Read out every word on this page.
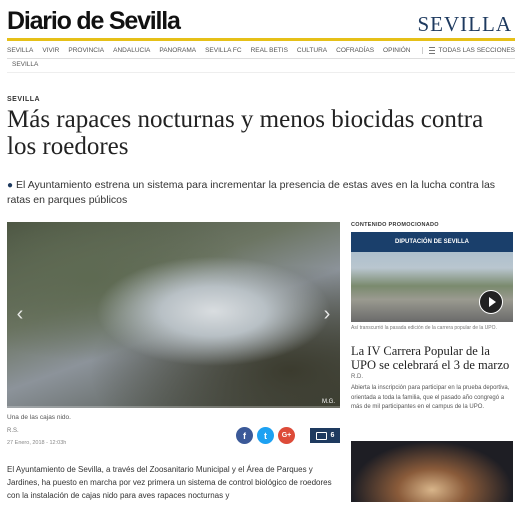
Diario de Sevilla	SEVILLA
SEVILLA VIVIR PROVINCIA ANDALUCIA PANORAMA SEVILLA FC REAL BETIS CULTURA COFRADÍAS OPINIÓN	TODAS LAS SECCIONES
SEVILLA
SEVILLA
Más rapaces nocturnas y menos biocidas contra los roedores
● El Ayuntamiento estrena un sistema para incrementar la presencia de estas aves en la lucha contra las ratas en parques públicos
‹	›
M.G.
Una de las cajas nido.
R.S.
27 Enero, 2018 - 12:03h
f t G+	6
El Ayuntamiento de Sevilla, a través del Zoosanitario Municipal y el Área de Parques y Jardines, ha puesto en marcha por vez primera un sistema de control biológico de roedores con la instalación de cajas nido para aves rapaces nocturnas y
CONTENIDO PROMOCIONADO
DIPUTACIÓN DE SEVILLA
Así transcurrió la pasada edición de la carrera popular de la UPO.
La IV Carrera Popular de la UPO se celebrará el 3 de marzo
R.D.
Abierta la inscripción para participar en la prueba deportiva, orientada a toda la familia, que el pasado año congregó a más de mil participantes en el campus de la UPO.
